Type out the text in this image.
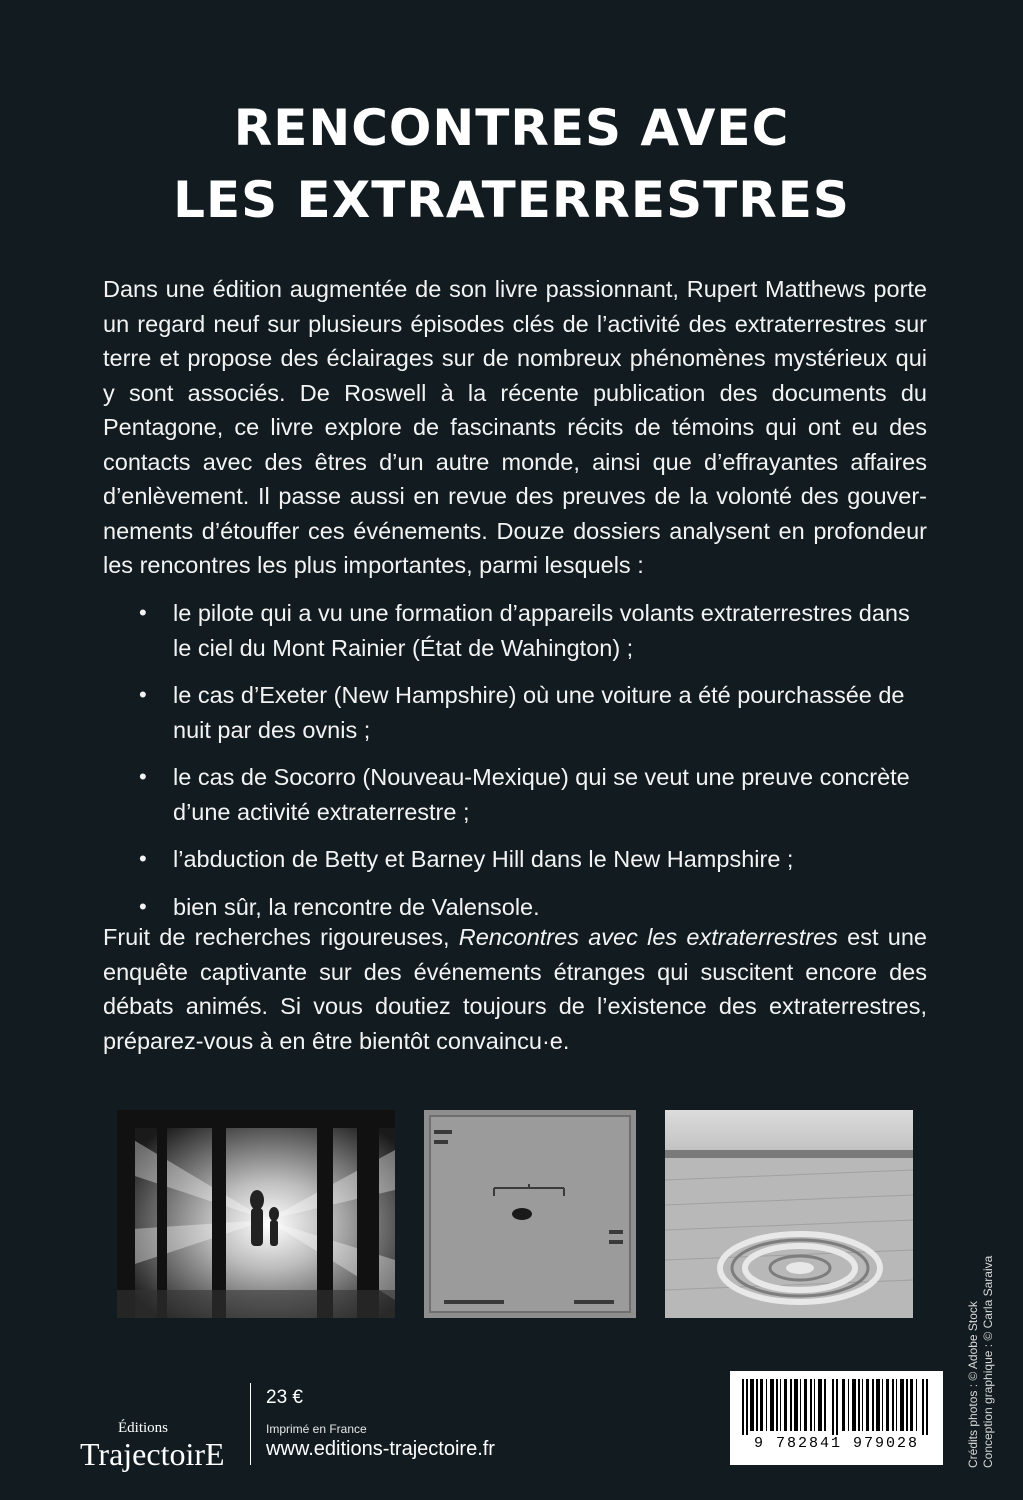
RENCONTRES AVEC
LES EXTRATERRESTRES
Dans une édition augmentée de son livre passionnant, Rupert Matthews porte un regard neuf sur plusieurs épisodes clés de l’activité des extraterrestres sur terre et propose des éclairages sur de nombreux phénomènes mystérieux qui y sont associés. De Roswell à la récente publication des documents du Pentagone, ce livre explore de fascinants récits de témoins qui ont eu des contacts avec des êtres d’un autre monde, ainsi que d’effrayantes affaires d’enlèvement. Il passe aussi en revue des preuves de la volonté des gouvernements d’étouffer ces événements. Douze dossiers analysent en profondeur les rencontres les plus importantes, parmi lesquels :
• le pilote qui a vu une formation d’appareils volants extraterrestres dans le ciel du Mont Rainier (État de Wahington) ;
• le cas d’Exeter (New Hampshire) où une voiture a été pourchassée de nuit par des ovnis ;
• le cas de Socorro (Nouveau-Mexique) qui se veut une preuve concrète d’une activité extraterrestre ;
• l’abduction de Betty et Barney Hill dans le New Hampshire ;
• bien sûr, la rencontre de Valensole.
Fruit de recherches rigoureuses, Rencontres avec les extraterrestres est une enquête captivante sur des événements étranges qui suscitent encore des débats animés. Si vous doutiez toujours de l’existence des extraterrestres, préparez-vous à en être bientôt convaincu·e.
Crédits photos : © Adobe Stock Conception graphique : © Carla Saraiva
Éditions
TrajectoirE
23 €
Imprimé en France
www.editions-trajectoire.fr	9 782841 979028
